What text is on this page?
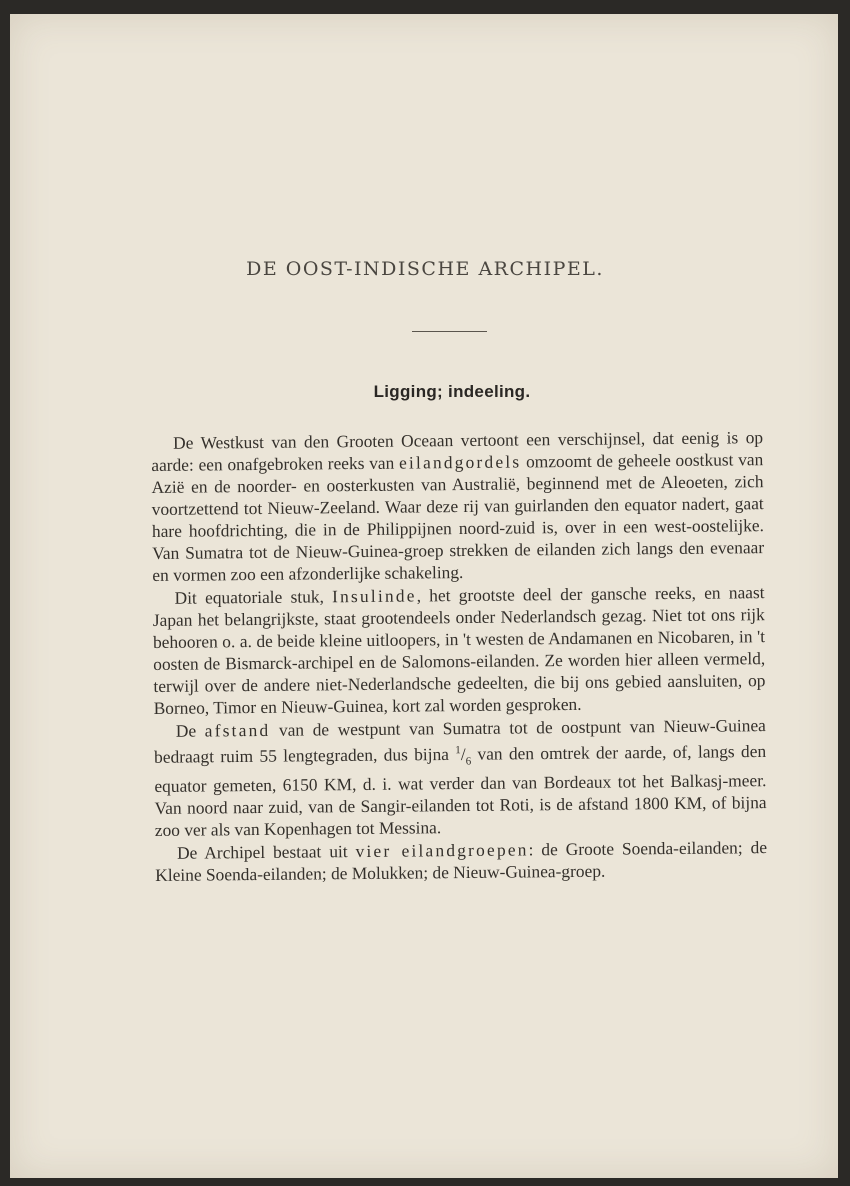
DE OOST-INDISCHE ARCHIPEL.
Ligging; indeeling.

De Westkust van den Grooten Oceaan vertoont een verschijnsel, dat eenig is op aarde: een onafgebroken reeks van eilandgordels omzoomt de geheele oostkust van Azië en de noorder- en oosterkusten van Australië, beginnend met de Aleoeten, zich voortzettend tot Nieuw-Zeeland. Waar deze rij van guirlanden den equator nadert, gaat hare hoofdrichting, die in de Philippijnen noord-zuid is, over in een west-oostelijke. Van Sumatra tot de Nieuw-Guinea-groep strekken de eilanden zich langs den evenaar en vormen zoo een afzonderlijke schakeling.

Dit equatoriale stuk, Insulinde, het grootste deel der gansche reeks, en naast Japan het belangrijkste, staat grootendeels onder Nederlandsch gezag. Niet tot ons rijk behooren o. a. de beide kleine uitloopers, in 't westen de Andamanen en Nicobaren, in 't oosten de Bismarck-archipel en de Salomons-eilanden. Ze worden hier alleen vermeld, terwijl over de andere niet-Nederlandsche gedeelten, die bij ons gebied aansluiten, op Borneo, Timor en Nieuw-Guinea, kort zal worden gesproken.

De afstand van de westpunt van Sumatra tot de oostpunt van Nieuw-Guinea bedraagt ruim 55 lengtegraden, dus bijna $^1/_6$ van den omtrek der aarde, of, langs den equator gemeten, 6150 KM, d. i. wat verder dan van Bordeaux tot het Balkasj-meer. Van noord naar zuid, van de Sangir-eilanden tot Roti, is de afstand 1800 KM, of bijna zoo ver als van Kopenhagen tot Messina.

De Archipel bestaat uit vier eilandgroepen: de Groote Soenda-eilanden; de Kleine Soenda-eilanden; de Molukken; de Nieuw-Guinea-groep.
